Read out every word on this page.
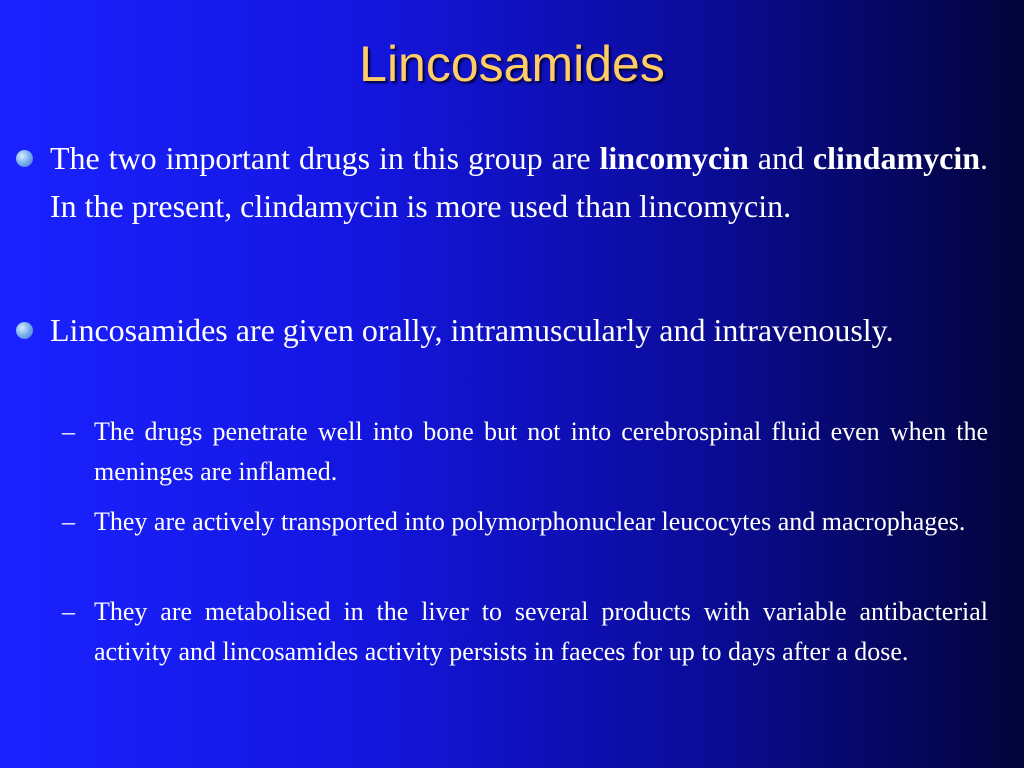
Lincosamides
The two important drugs in this group are lincomycin and clindamycin. In the present, clindamycin is more used than lincomycin.
Lincosamides are given orally, intramuscularly and intravenously.
– The drugs penetrate well into bone but not into cerebrospinal fluid even when the meninges are inflamed.
– They are actively transported into polymorphonuclear leucocytes and macrophages.
– They are metabolised in the liver to several products with variable antibacterial activity and lincosamides activity persists in faeces for up to days after a dose.
